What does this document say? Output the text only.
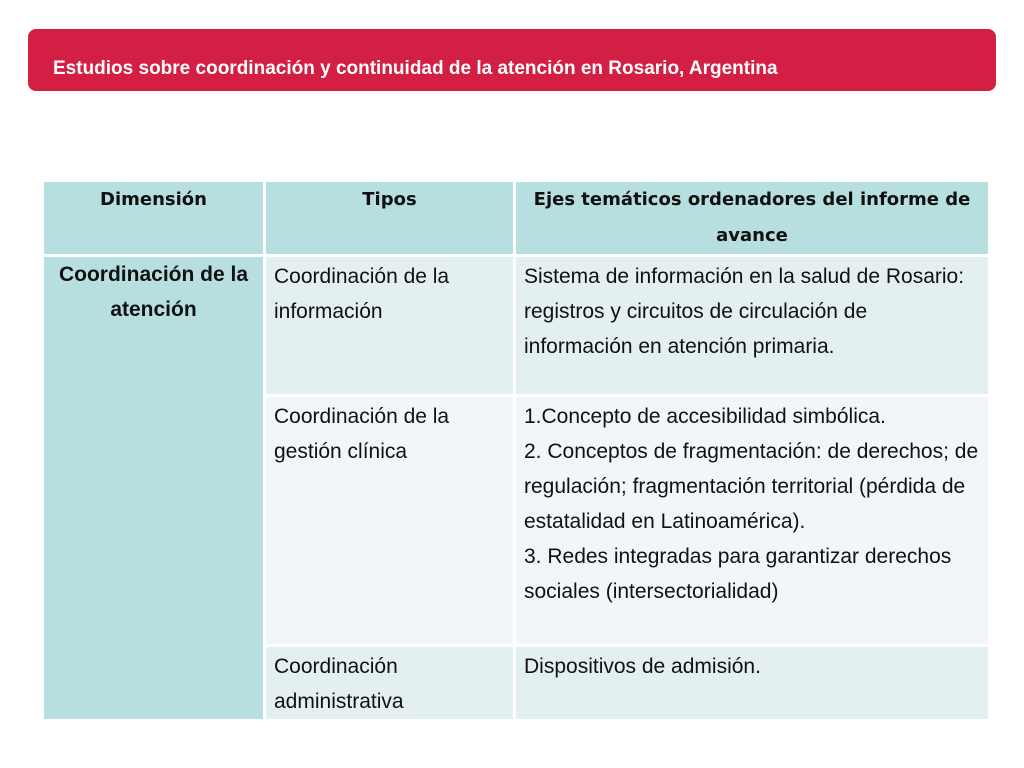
Estudios sobre coordinación y continuidad de la atención en Rosario, Argentina
Dimensión	Tipos	Ejes temáticos ordenadores del informe de avance
Coordinación de la atención	Coordinación de la información	Sistema de información en la salud de Rosario: registros y circuitos de circulación de información en atención primaria.

	Coordinación de la gestión clínica	1.Concepto de accesibilidad simbólica.
2. Conceptos de fragmentación: de derechos; de regulación; fragmentación territorial (pérdida de estatalidad en Latinoamérica).
3. Redes integradas para garantizar derechos sociales (intersectorialidad)

	Coordinación administrativa	Dispositivos de admisión.
